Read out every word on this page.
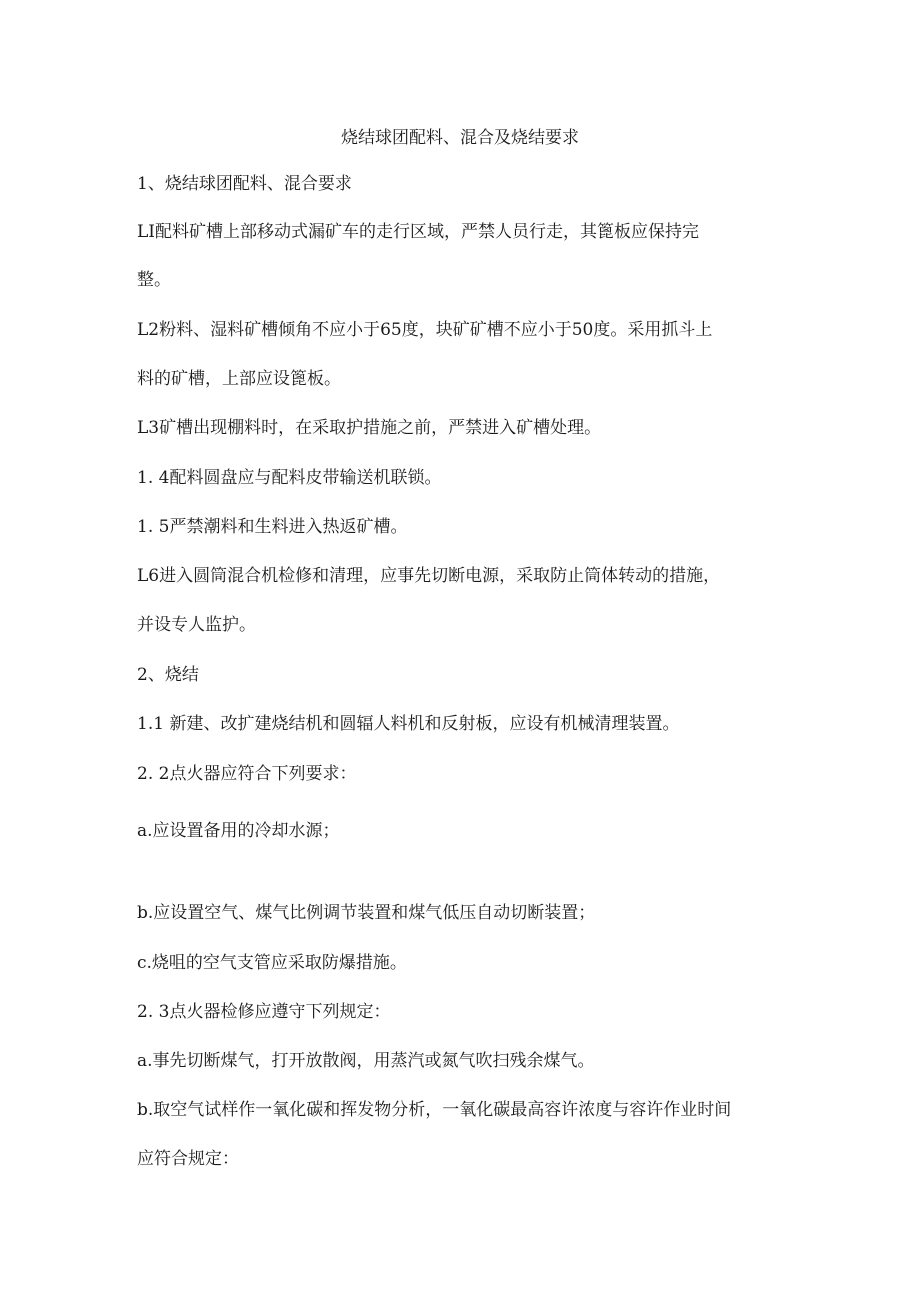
烧结球团配料、混合及烧结要求
1、烧结球团配料、混合要求
LI配料矿槽上部移动式漏矿车的走行区域，严禁人员行走，其篦板应保持完
整。
L2粉料、湿料矿槽倾角不应小于65度，块矿矿槽不应小于50度。采用抓斗上
料的矿槽，上部应设篦板。
L3矿槽出现棚料时，在采取护措施之前，严禁进入矿槽处理。
1. 4配料圆盘应与配料皮带输送机联锁。
1. 5严禁潮料和生料进入热返矿槽。
L6进入圆筒混合机检修和清理，应事先切断电源，采取防止筒体转动的措施，
并设专人监护。
2、烧结
1.1 新建、改扩建烧结机和圆辐人料机和反射板，应设有机械清理装置。
2. 2点火器应符合下列要求：
a.应设置备用的冷却水源；
b.应设置空气、煤气比例调节装置和煤气低压自动切断装置；
c.烧咀的空气支管应采取防爆措施。
2. 3点火器检修应遵守下列规定：
a.事先切断煤气，打开放散阀，用蒸汽或氮气吹扫残余煤气。
b.取空气试样作一氧化碳和挥发物分析，一氧化碳最高容许浓度与容许作业时间
应符合规定：
